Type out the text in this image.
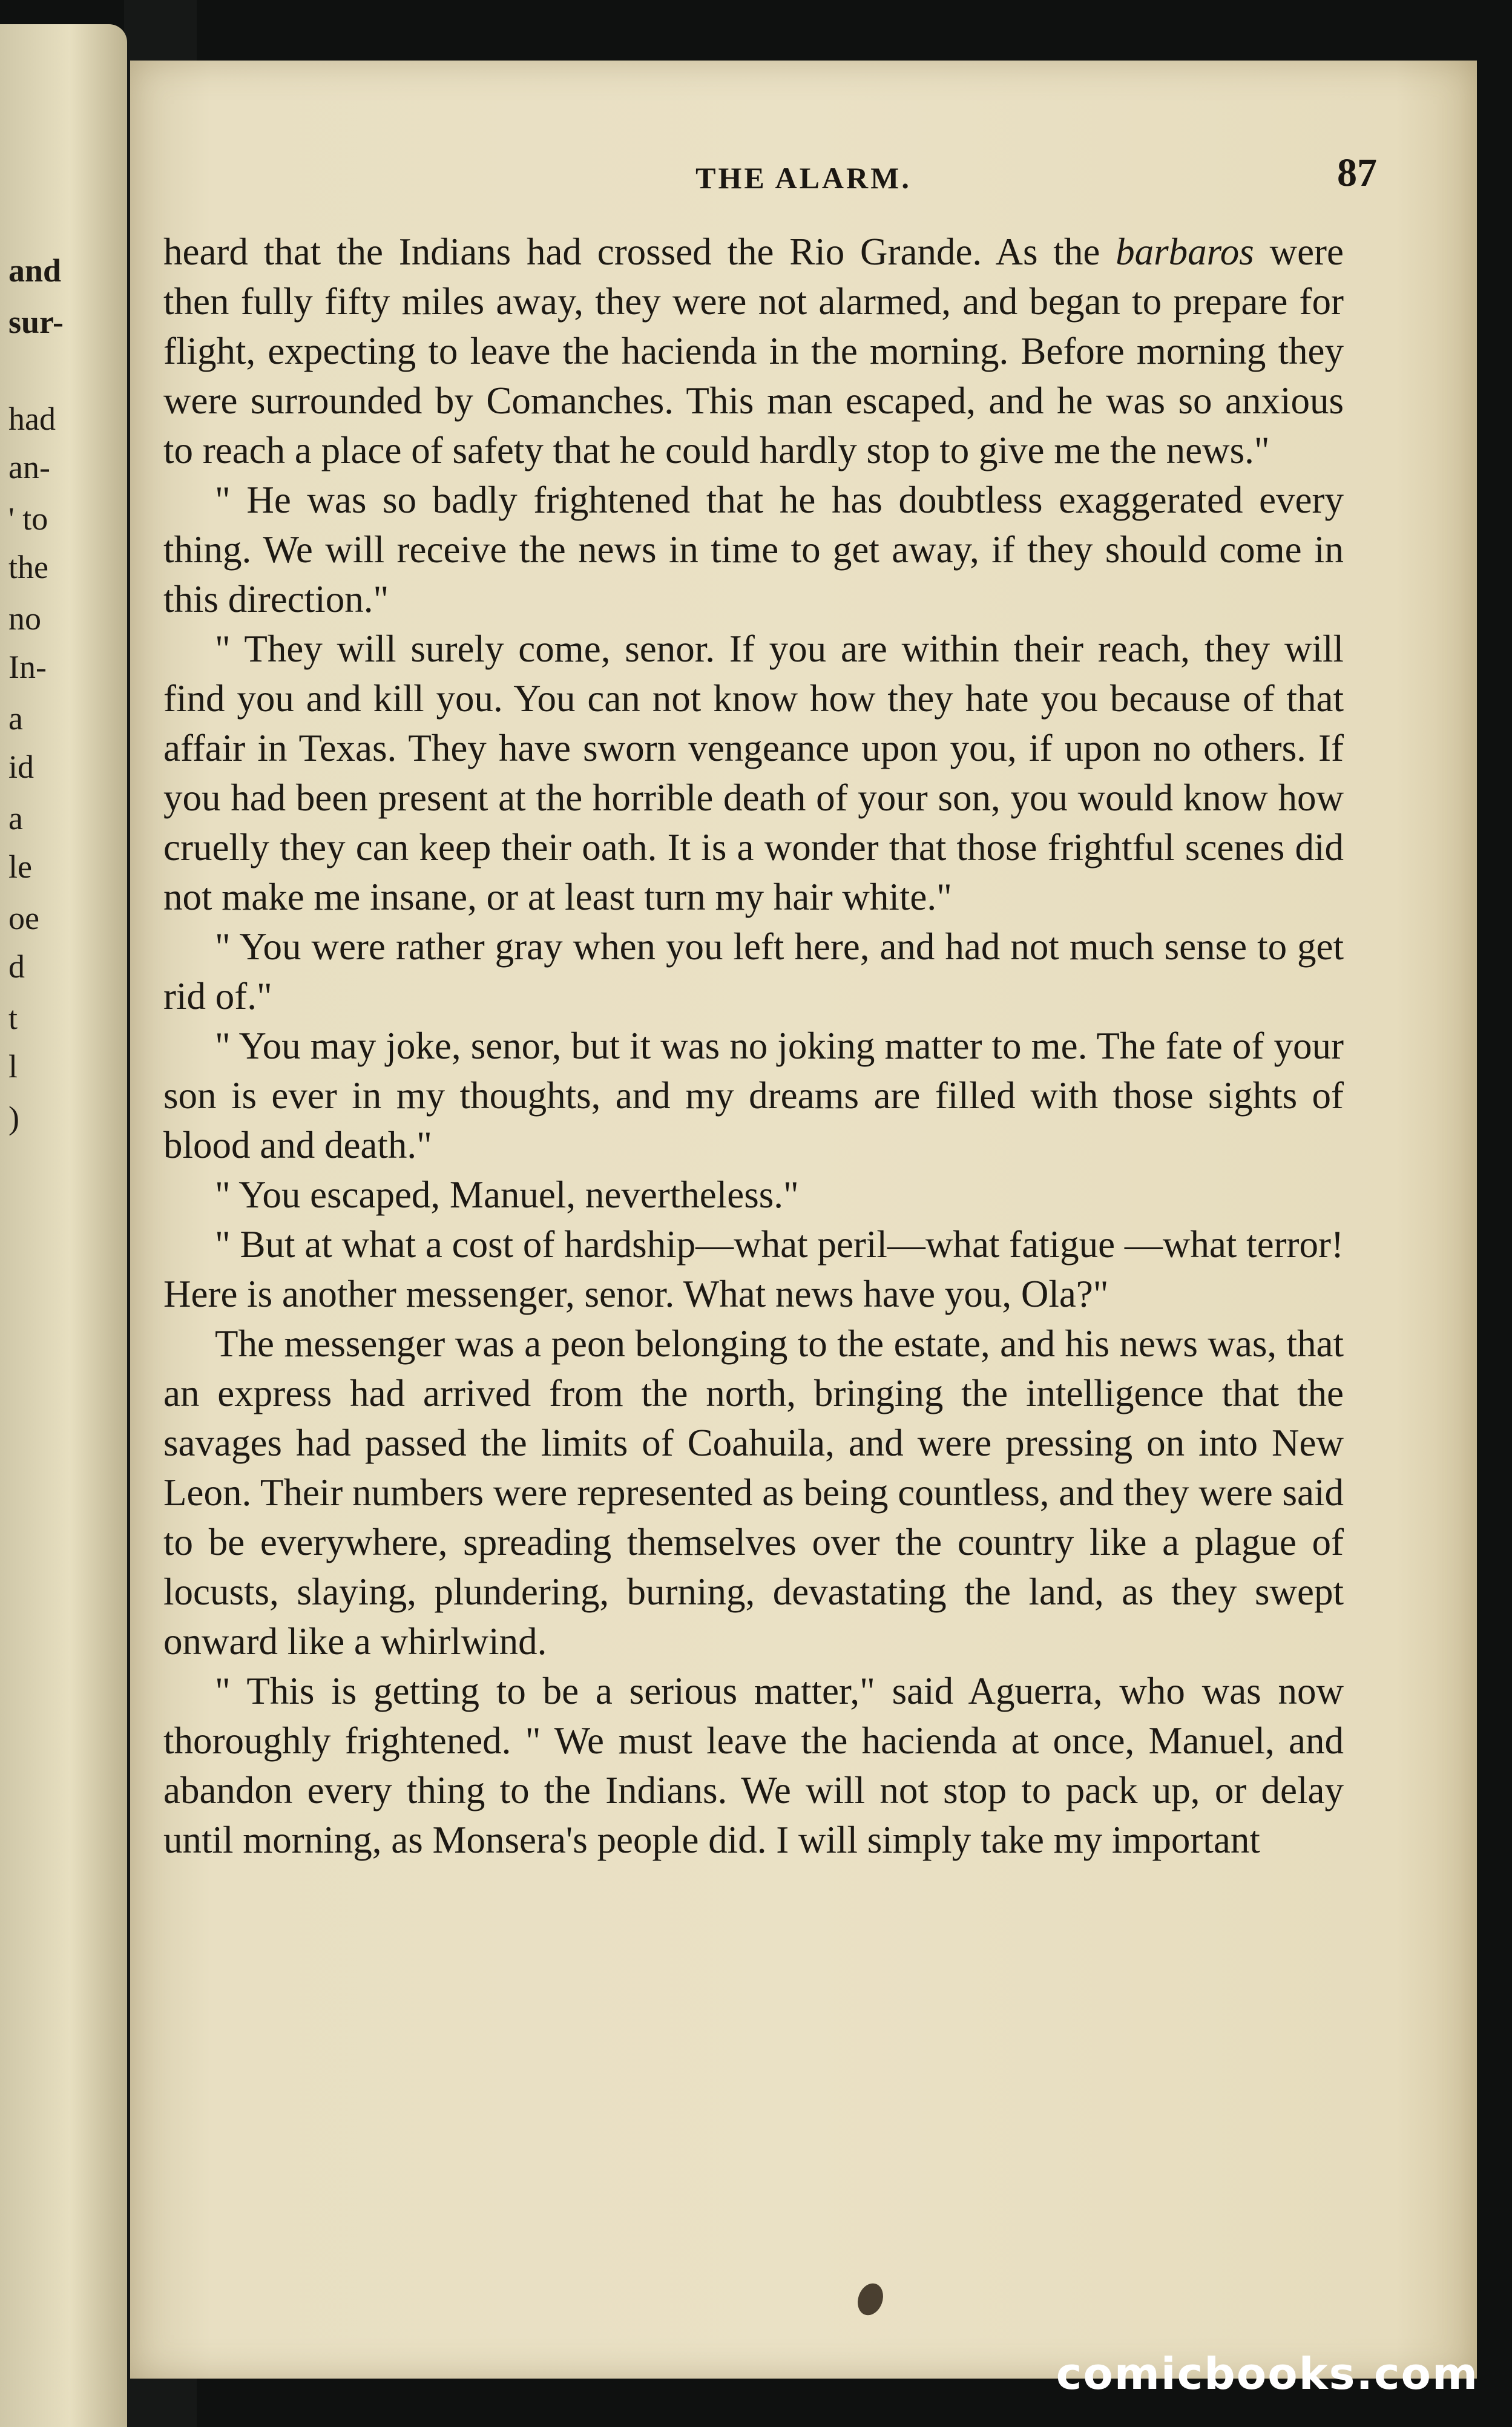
and

sur-

had

an-

' to

the

no

In-

a

id

a

le

oe

d

t

l

)

THE ALARM.	87

heard that the Indians had crossed the Rio Grande. As the barbaros were then fully fifty miles away, they were not alarmed, and began to prepare for flight, expecting to leave the hacienda in the morning. Before morning they were surrounded by Comanches. This man escaped, and he was so anxious to reach a place of safety that he could hardly stop to give me the news."

" He was so badly frightened that he has doubtless exaggerated every thing. We will receive the news in time to get away, if they should come in this direction."

" They will surely come, senor. If you are within their reach, they will find you and kill you. You can not know how they hate you because of that affair in Texas. They have sworn vengeance upon you, if upon no others. If you had been present at the horrible death of your son, you would know how cruelly they can keep their oath. It is a wonder that those frightful scenes did not make me insane, or at least turn my hair white."

" You were rather gray when you left here, and had not much sense to get rid of."

" You may joke, senor, but it was no joking matter to me. The fate of your son is ever in my thoughts, and my dreams are filled with those sights of blood and death."

" You escaped, Manuel, nevertheless."

" But at what a cost of hardship—what peril—what fatigue —what terror! Here is another messenger, senor. What news have you, Ola?"

The messenger was a peon belonging to the estate, and his news was, that an express had arrived from the north, bringing the intelligence that the savages had passed the limits of Coahuila, and were pressing on into New Leon. Their numbers were represented as being countless, and they were said to be everywhere, spreading themselves over the country like a plague of locusts, slaying, plundering, burning, devastating the land, as they swept onward like a whirlwind.

" This is getting to be a serious matter," said Aguerra, who was now thoroughly frightened. " We must leave the hacienda at once, Manuel, and abandon every thing to the Indians. We will not stop to pack up, or delay until morning, as Monsera's people did. I will simply take my important

comicbooks.com
